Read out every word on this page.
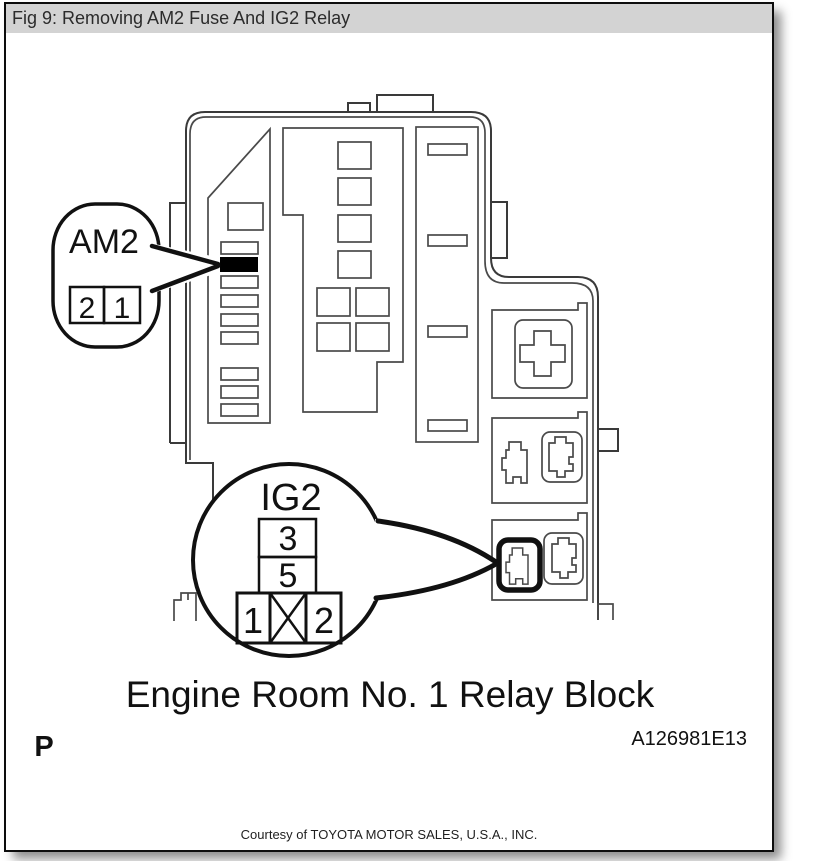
Fig 9: Removing AM2 Fuse And IG2 Relay
AM2
2 1
IG2
3
5
1 2
Engine Room No. 1 Relay Block
P	A126981E13
Courtesy of TOYOTA MOTOR SALES, U.S.A., INC.
